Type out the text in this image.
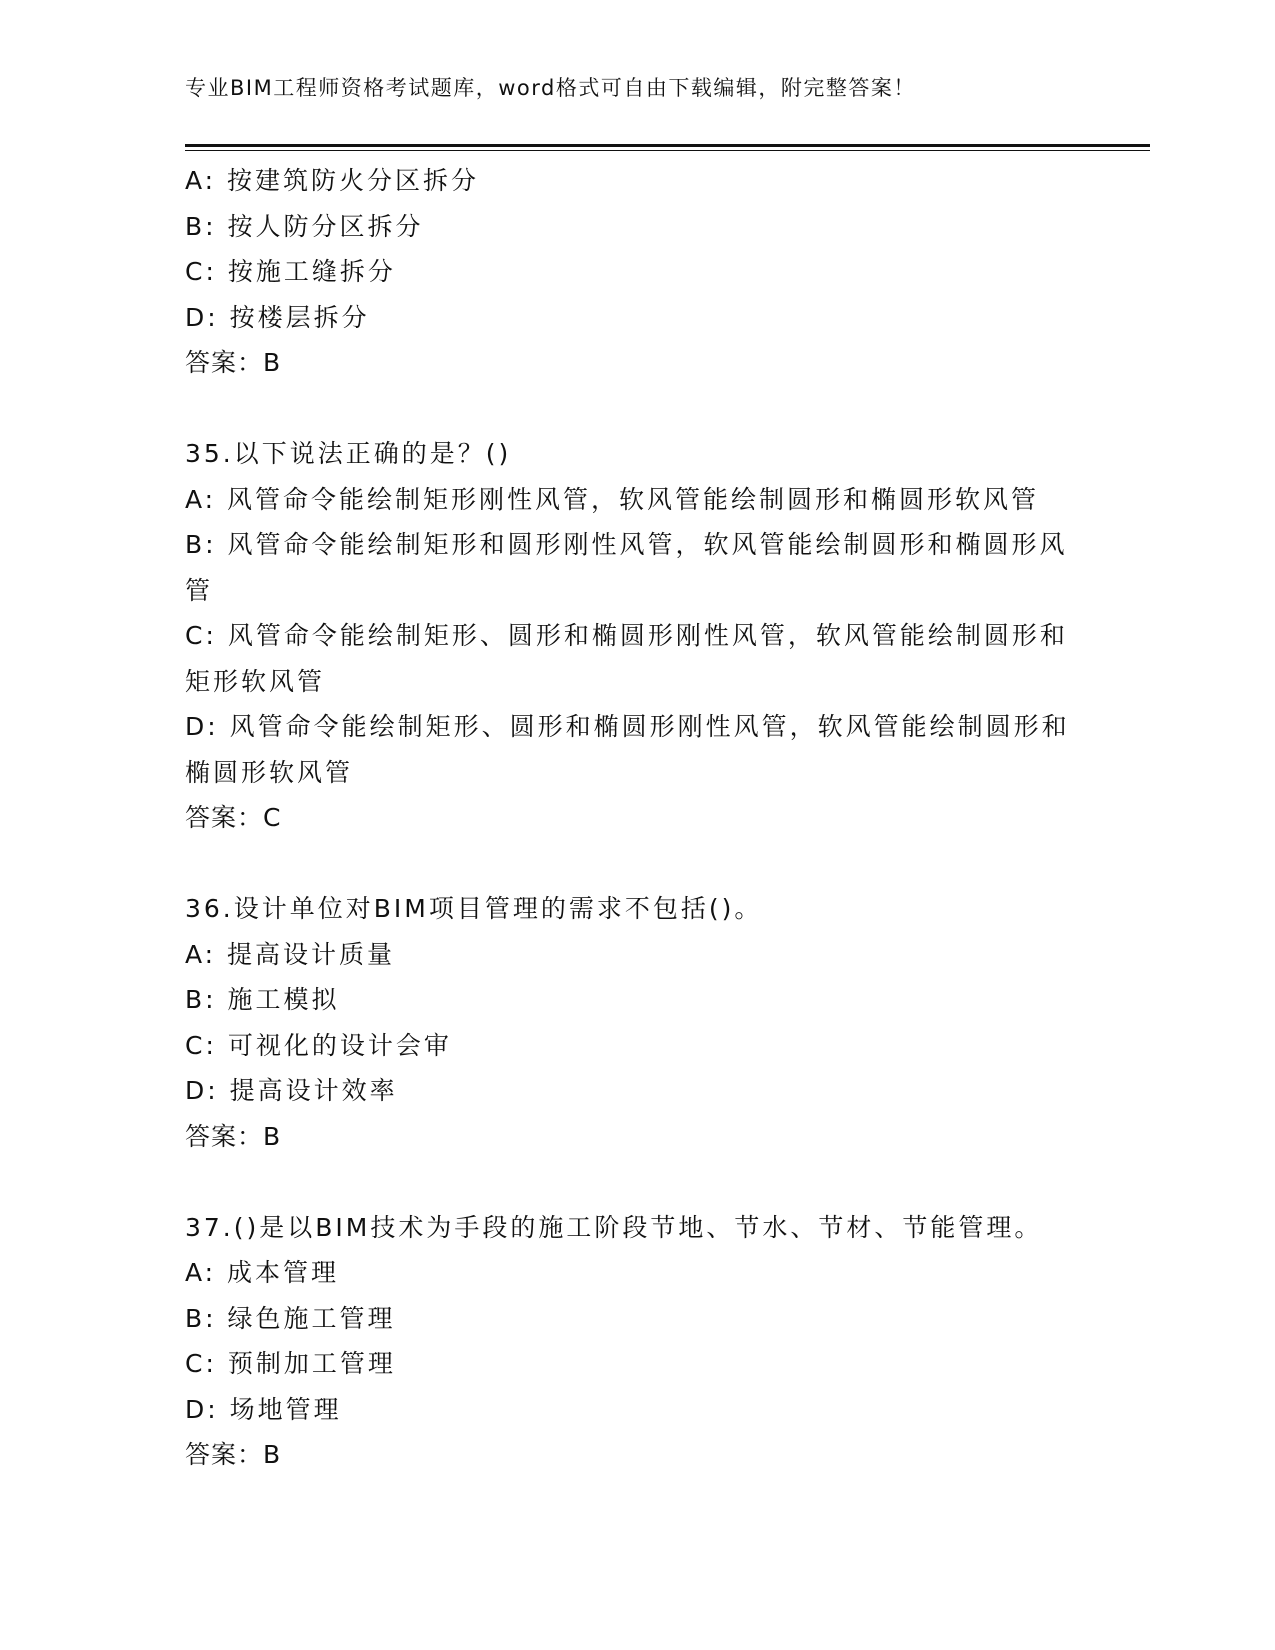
专业BIM工程师资格考试题库，word格式可自由下载编辑，附完整答案！

A: 按建筑防火分区拆分

B: 按人防分区拆分

C: 按施工缝拆分

D: 按楼层拆分

答案：B

35.以下说法正确的是？()

A: 风管命令能绘制矩形刚性风管，软风管能绘制圆形和椭圆形软风管

B: 风管命令能绘制矩形和圆形刚性风管，软风管能绘制圆形和椭圆形风管

C: 风管命令能绘制矩形、圆形和椭圆形刚性风管，软风管能绘制圆形和矩形软风管

D: 风管命令能绘制矩形、圆形和椭圆形刚性风管，软风管能绘制圆形和椭圆形软风管

答案：C

36.设计单位对BIM项目管理的需求不包括()。

A: 提高设计质量

B: 施工模拟

C: 可视化的设计会审

D: 提高设计效率

答案：B

37.()是以BIM技术为手段的施工阶段节地、节水、节材、节能管理。

A: 成本管理

B: 绿色施工管理

C: 预制加工管理

D: 场地管理

答案：B
